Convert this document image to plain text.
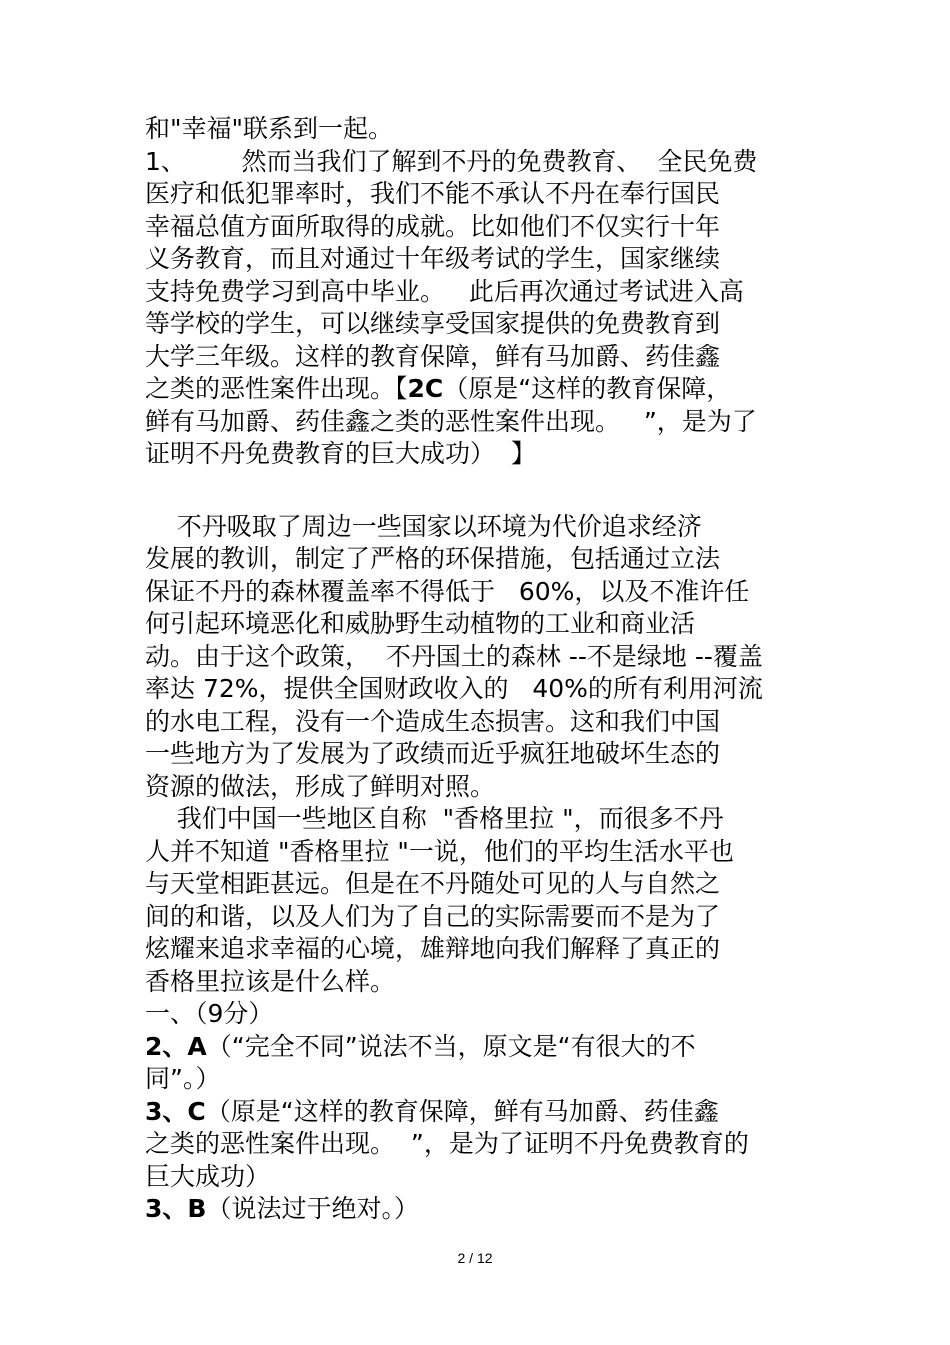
和"幸福"联系到一起。
1、       然而当我们了解到不丹的免费教育、  全民免费
医疗和低犯罪率时，我们不能不承认不丹在奉行国民
幸福总值方面所取得的成就。比如他们不仅实行十年
义务教育，而且对通过十年级考试的学生，国家继续
支持免费学习到高中毕业。   此后再次通过考试进入高
等学校的学生，可以继续享受国家提供的免费教育到
大学三年级。这样的教育保障，鲜有马加爵、药佳鑫
之类的恶性案件出现。【2C（原是“这样的教育保障，
鲜有马加爵、药佳鑫之类的恶性案件出现。   ”，是为了
证明不丹免费教育的巨大成功）  】
不丹吸取了周边一些国家以环境为代价追求经济
发展的教训，制定了严格的环保措施，包括通过立法
保证不丹的森林覆盖率不得低于   60%，以及不准许任
何引起环境恶化和威胁野生动植物的工业和商业活
动。由于这个政策，  不丹国土的森林 --不是绿地 --覆盖
率达 72%，提供全国财政收入的   40%的所有利用河流
的水电工程，没有一个造成生态损害。这和我们中国
一些地方为了发展为了政绩而近乎疯狂地破坏生态的
资源的做法，形成了鲜明对照。
我们中国一些地区自称  "香格里拉 "，而很多不丹
人并不知道 "香格里拉 "一说，他们的平均生活水平也
与天堂相距甚远。但是在不丹随处可见的人与自然之
间的和谐，以及人们为了自己的实际需要而不是为了
炫耀来追求幸福的心境，雄辩地向我们解释了真正的
香格里拉该是什么样。
一、（9分）
2、A（“完全不同”说法不当，原文是“有很大的不
同”。）
3、C（原是“这样的教育保障，鲜有马加爵、药佳鑫
之类的恶性案件出现。  ”，是为了证明不丹免费教育的
巨大成功）
3、B（说法过于绝对。）
2 / 12
